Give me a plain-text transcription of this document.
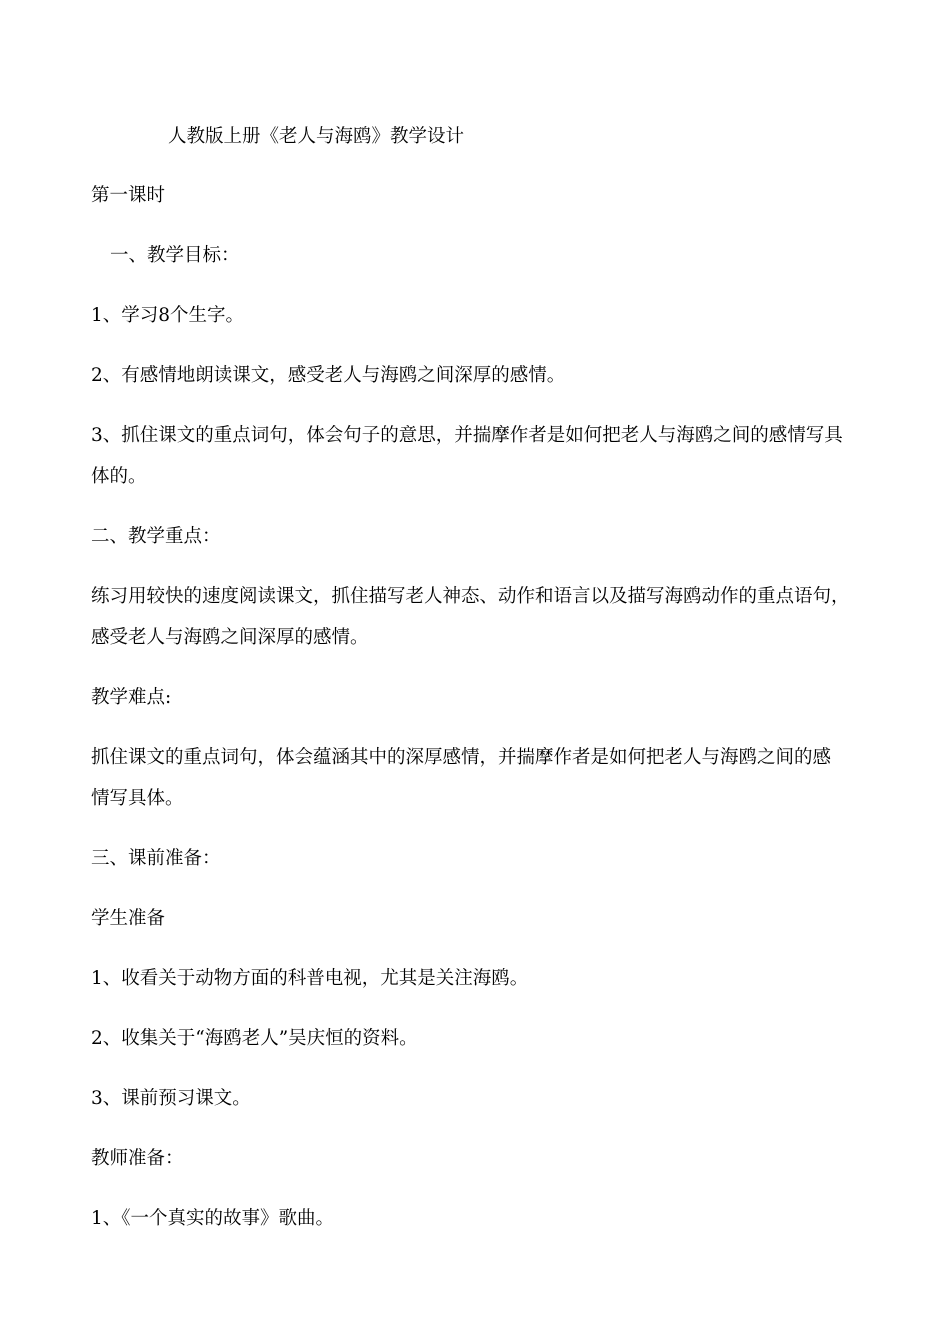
人教版上册《老人与海鸥》教学设计
第一课时
一、教学目标：
1、学习8个生字。
2、有感情地朗读课文，感受老人与海鸥之间深厚的感情。
3、抓住课文的重点词句，体会句子的意思，并揣摩作者是如何把老人与海鸥之间的感情写具
体的。
二、教学重点：
练习用较快的速度阅读课文，抓住描写老人神态、动作和语言以及描写海鸥动作的重点语句，
感受老人与海鸥之间深厚的感情。
教学难点:
抓住课文的重点词句，体会蕴涵其中的深厚感情，并揣摩作者是如何把老人与海鸥之间的感
情写具体。
三、课前准备：
学生准备
1、收看关于动物方面的科普电视，尤其是关注海鸥。
2、收集关于“海鸥老人”吴庆恒的资料。
3、课前预习课文。
教师准备：
1、《一个真实的故事》歌曲。
